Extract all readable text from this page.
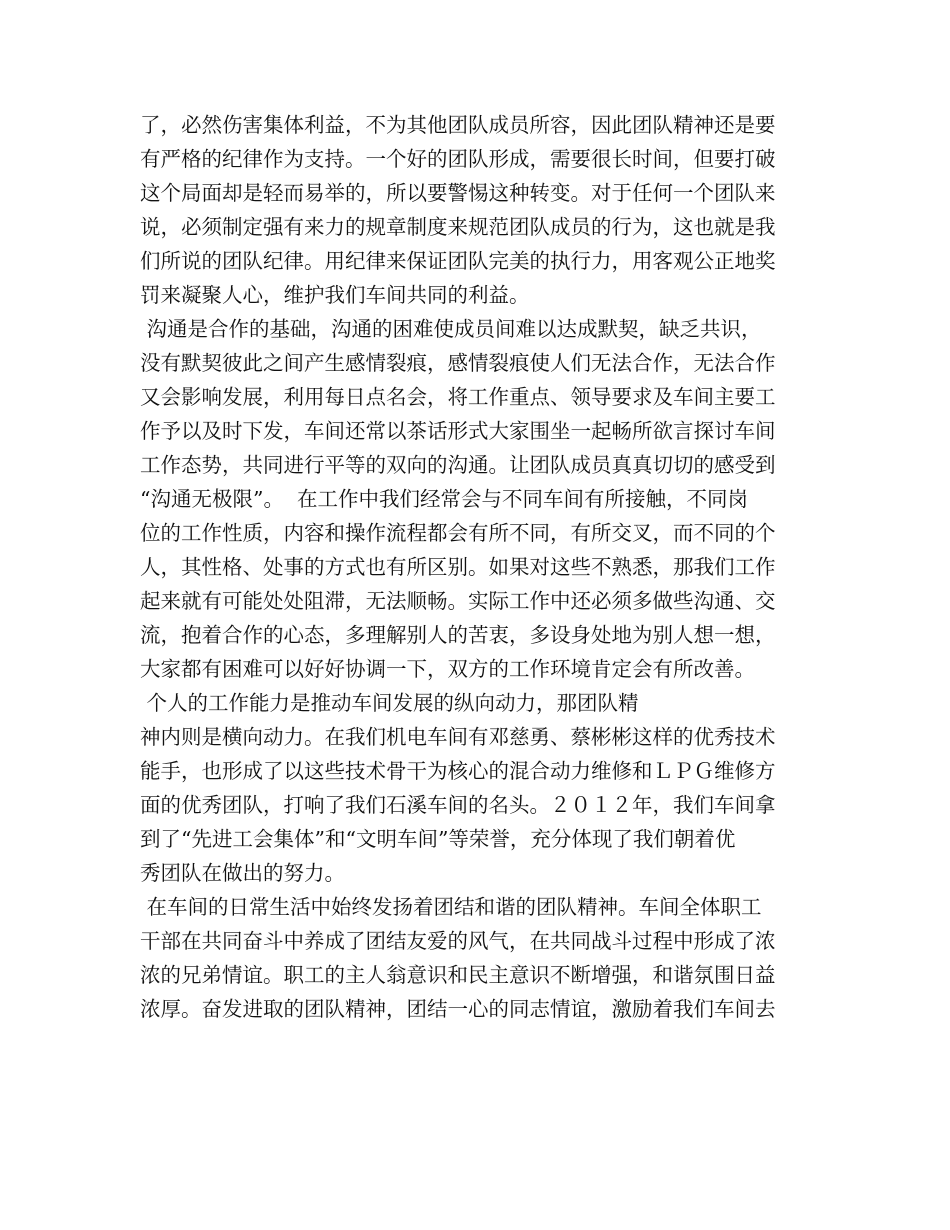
了，必然伤害集体利益，不为其他团队成员所容，因此团队精神还是要
有严格的纪律作为支持。一个好的团队形成，需要很长时间，但要打破
这个局面却是轻而易举的，所以要警惕这种转变。对于任何一个团队来
说，必须制定强有来力的规章制度来规范团队成员的行为，这也就是我
们所说的团队纪律。用纪律来保证团队完美的执行力，用客观公正地奖
罚来凝聚人心，维护我们车间共同的利益。
沟通是合作的基础，沟通的困难使成员间难以达成默契，缺乏共识，
没有默契彼此之间产生感情裂痕，感情裂痕使人们无法合作，无法合作
又会影响发展，利用每日点名会，将工作重点、领导要求及车间主要工
作予以及时下发，车间还常以茶话形式大家围坐一起畅所欲言探讨车间
工作态势，共同进行平等的双向的沟通。让团队成员真真切切的感受到
“沟通无极限”。  在工作中我们经常会与不同车间有所接触，不同岗
位的工作性质，内容和操作流程都会有所不同，有所交叉，而不同的个
人，其性格、处事的方式也有所区别。如果对这些不熟悉，那我们工作
起来就有可能处处阻滞，无法顺畅。实际工作中还必须多做些沟通、交
流，抱着合作的心态，多理解别人的苦衷，多设身处地为别人想一想，
大家都有困难可以好好协调一下，双方的工作环境肯定会有所改善。
个人的工作能力是推动车间发展的纵向动力，那团队精
神内则是横向动力。在我们机电车间有邓慈勇、蔡彬彬这样的优秀技术
能手，也形成了以这些技术骨干为核心的混合动力维修和ＬＰＧ维修方
面的优秀团队，打响了我们石溪车间的名头。２０１２年，我们车间拿
到了“先进工会集体”和“文明车间”等荣誉，充分体现了我们朝着优
秀团队在做出的努力。
在车间的日常生活中始终发扬着团结和谐的团队精神。车间全体职工
干部在共同奋斗中养成了团结友爱的风气，在共同战斗过程中形成了浓
浓的兄弟情谊。职工的主人翁意识和民主意识不断增强，和谐氛围日益
浓厚。奋发进取的团队精神，团结一心的同志情谊，激励着我们车间去
